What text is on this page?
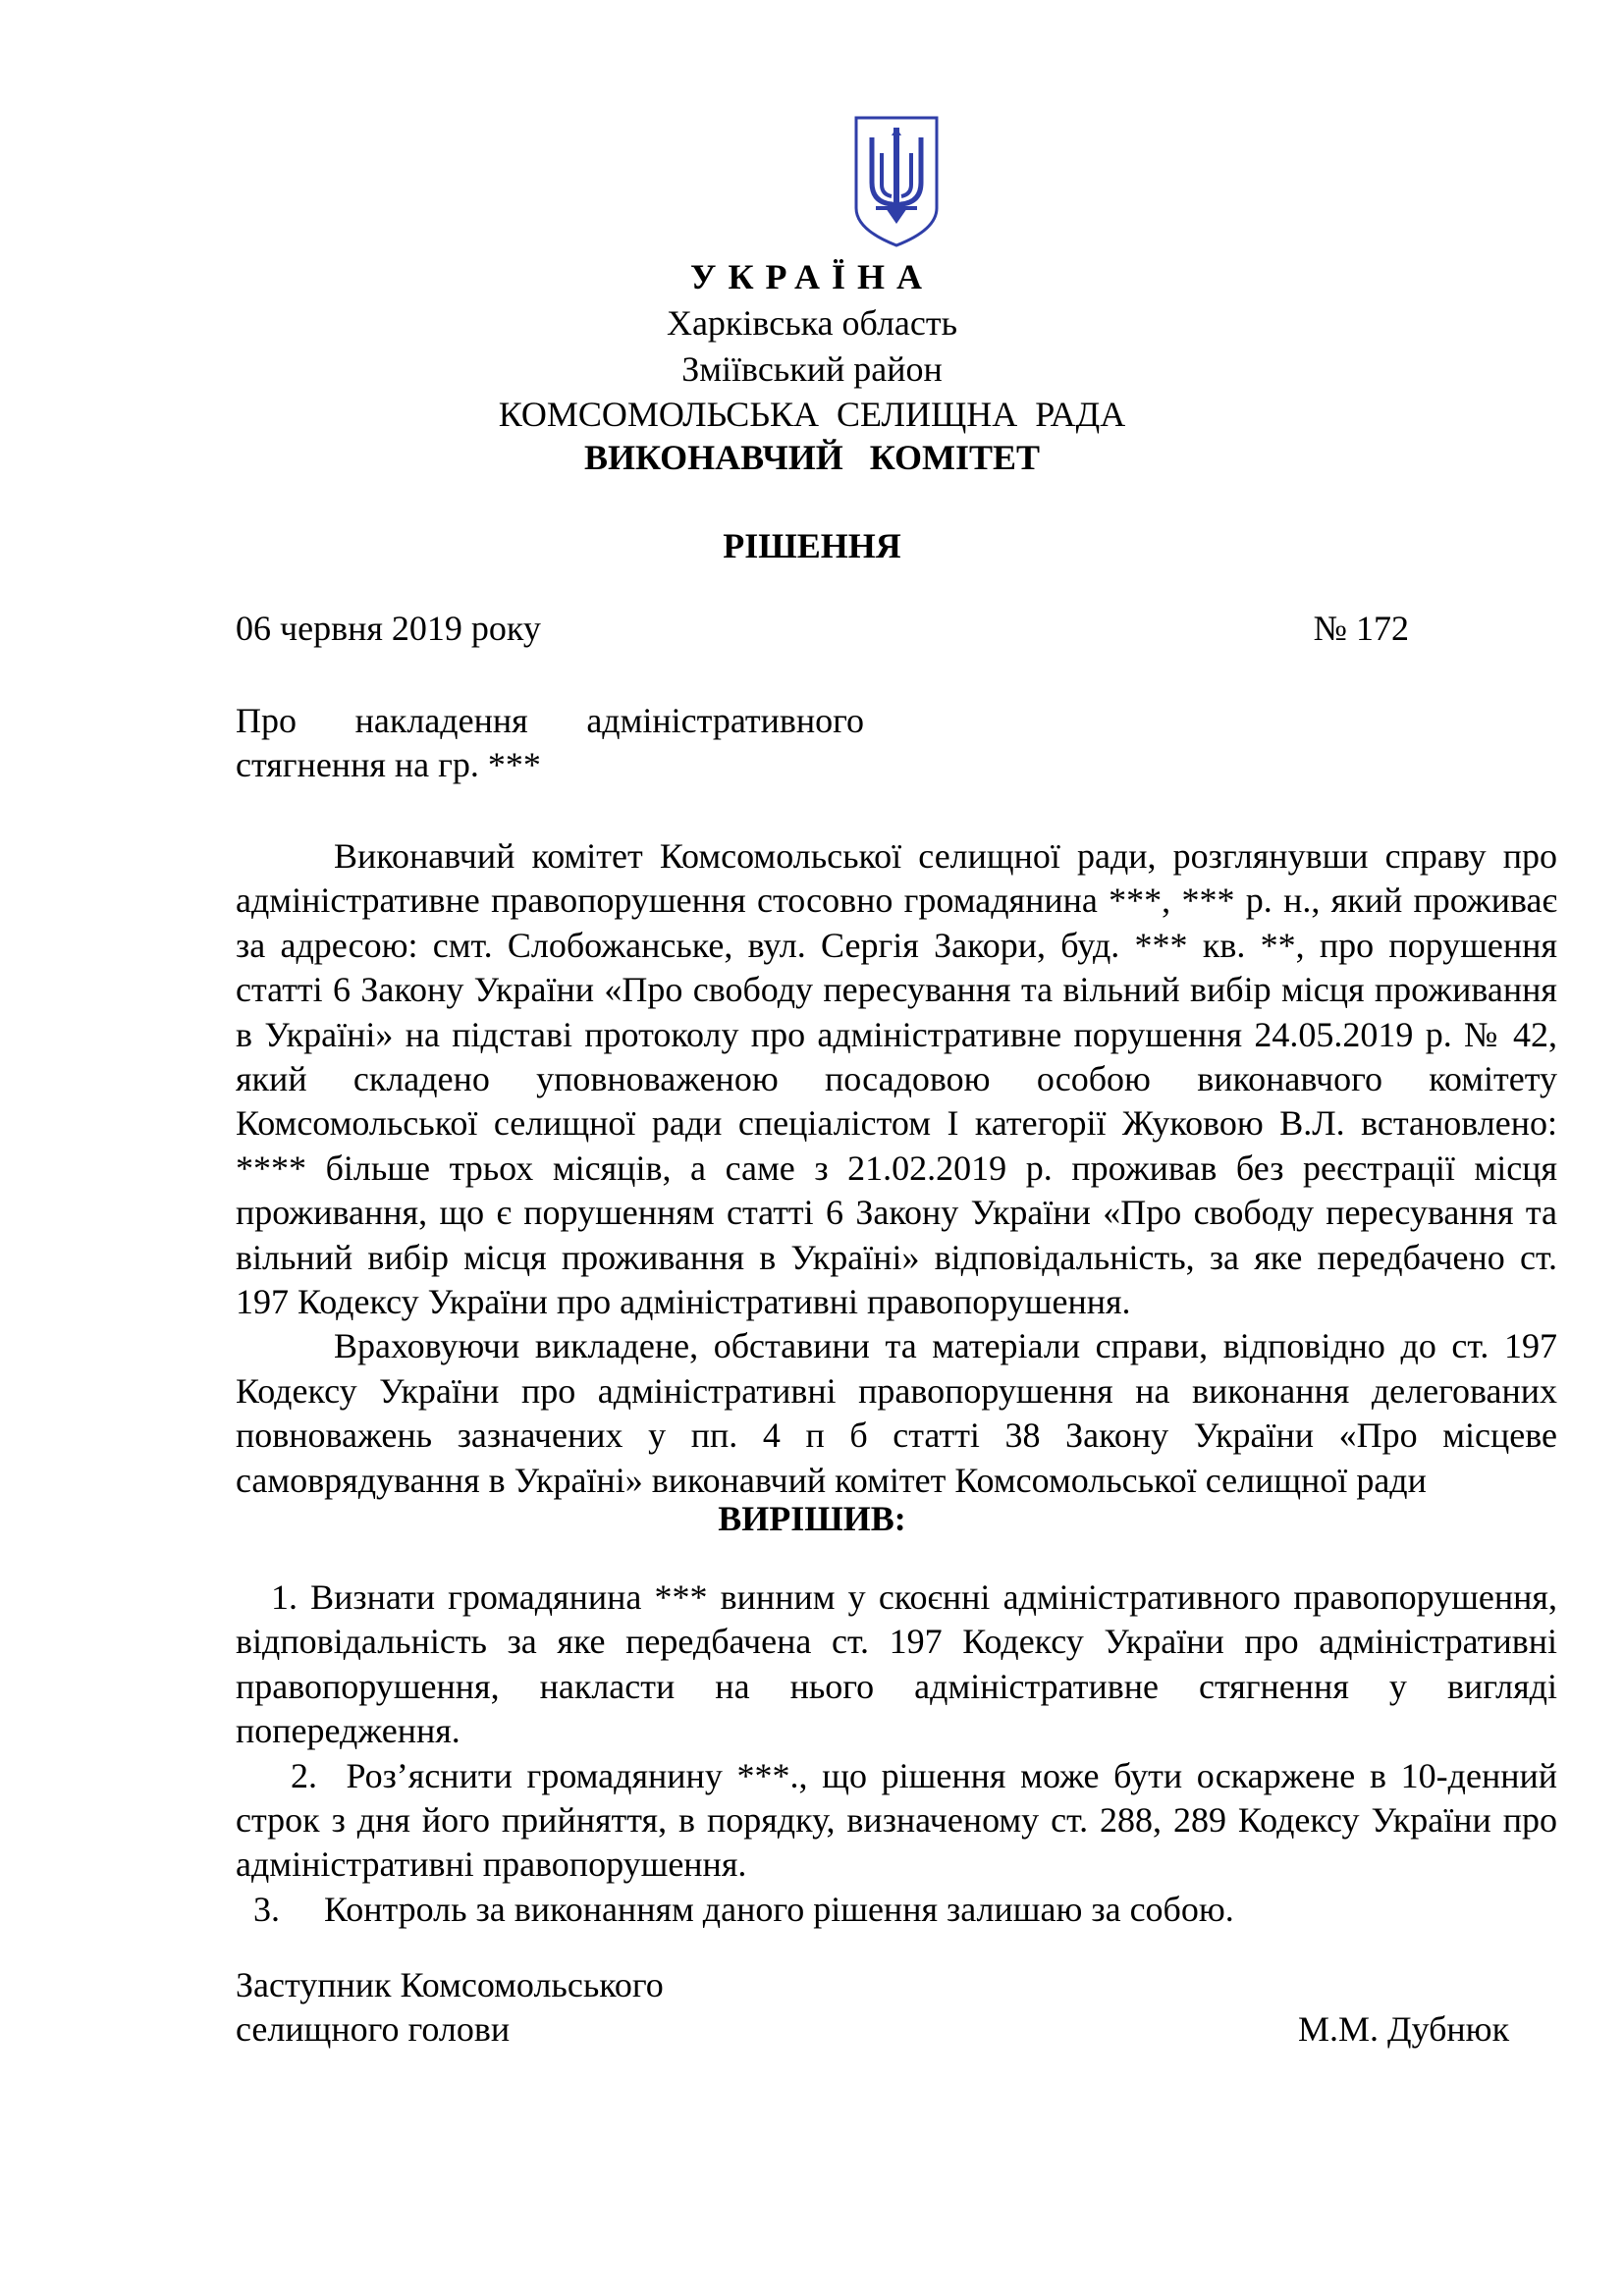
УКРАЇНА
Харківська область
Зміївський район
КОМСОМОЛЬСЬКА  СЕЛИЩНА  РАДА
ВИКОНАВЧИЙ   КОМІТЕТ
РІШЕННЯ
06 червня 2019 року	№ 172
Про   накладення   адміністративного
стягнення на гр. ***

Виконавчий комітет Комсомольської селищної ради, розглянувши справу про адміністративне правопорушення стосовно громадянина ***, *** р. н., який проживає за адресою: смт. Слобожанське, вул. Сергія Закори, буд. *** кв. **, про порушення статті 6 Закону України «Про свободу пересування та вільний вибір місця проживання в Україні» на підставі протоколу про адміністративне порушення 24.05.2019 р. № 42, який складено уповноваженою посадовою особою виконавчого комітету Комсомольської селищної ради спеціалістом І категорії Жуковою В.Л. встановлено: **** більше трьох місяців, а саме з 21.02.2019 р. проживав без реєстрації місця проживання, що є порушенням статті 6 Закону України «Про свободу пересування та вільний вибір місця проживання в Україні» відповідальність, за яке передбачено ст. 197 Кодексу України про адміністративні правопорушення.

Враховуючи викладене, обставини та матеріали справи, відповідно до ст. 197 Кодексу України про адміністративні правопорушення на виконання делегованих повноважень зазначених у пп. 4 п б статті 38 Закону України «Про місцеве самоврядування в Україні» виконавчий комітет Комсомольської селищної ради

ВИРІШИВ:

1. Визнати громадянина *** винним у скоєнні адміністративного правопорушення, відповідальність за яке передбачена ст. 197 Кодексу України про адміністративні правопорушення, накласти на нього адміністративне стягнення у вигляді попередження.

2. Роз’яснити громадянину ***., що рішення може бути оскаржене в 10-денний строк з дня його прийняття, в порядку, визначеному ст. 288, 289 Кодексу України про адміністративні правопорушення.

3. Контроль за виконанням даного рішення залишаю за собою.

Заступник Комсомольського
селищного голови	М.М. Дубнюк
